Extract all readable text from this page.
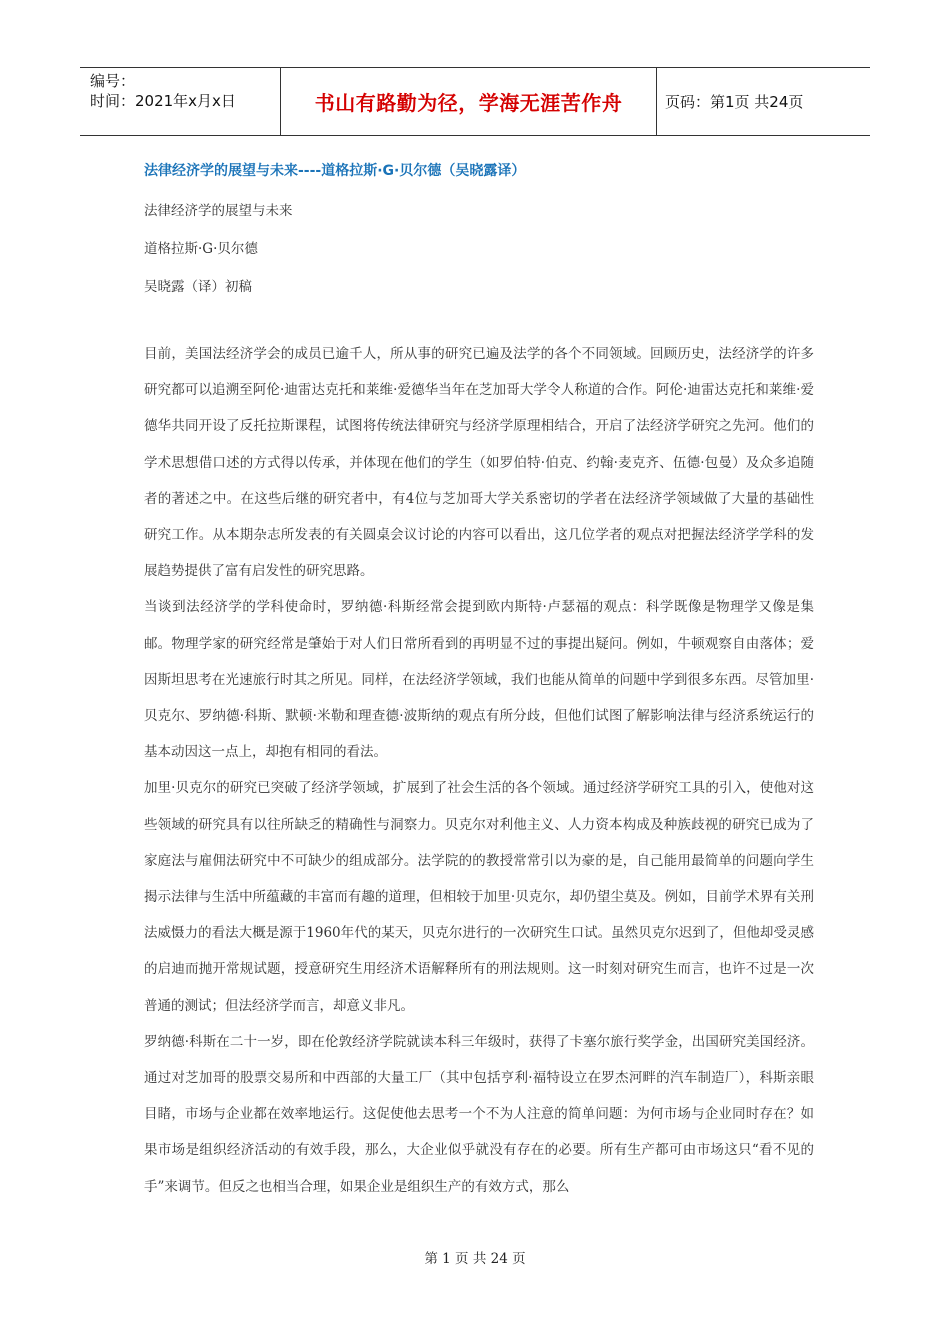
编号：
时间：2021年x月x日	书山有路勤为径，学海无涯苦作舟	页码：第1页 共24页
法律经济学的展望与未来----道格拉斯·G·贝尔德（吴晓露译）
法律经济学的展望与未来
道格拉斯·G·贝尔德
吴晓露（译）初稿

目前，美国法经济学会的成员已逾千人，所从事的研究已遍及法学的各个不同领域。回顾历史，法经济学的许多研究都可以追溯至阿伦·迪雷达克托和莱维·爱德华当年在芝加哥大学令人称道的合作。阿伦·迪雷达克托和莱维·爱德华共同开设了反托拉斯课程，试图将传统法律研究与经济学原理相结合，开启了法经济学研究之先河。他们的学术思想借口述的方式得以传承，并体现在他们的学生（如罗伯特·伯克、约翰·麦克齐、伍德·包曼）及众多追随者的著述之中。在这些后继的研究者中，有4位与芝加哥大学关系密切的学者在法经济学领域做了大量的基础性研究工作。从本期杂志所发表的有关圆桌会议讨论的内容可以看出，这几位学者的观点对把握法经济学学科的发展趋势提供了富有启发性的研究思路。

当谈到法经济学的学科使命时，罗纳德·科斯经常会提到欧内斯特·卢瑟福的观点：科学既像是物理学又像是集邮。物理学家的研究经常是肇始于对人们日常所看到的再明显不过的事提出疑问。例如，牛顿观察自由落体；爱因斯坦思考在光速旅行时其之所见。同样，在法经济学领域，我们也能从简单的问题中学到很多东西。尽管加里·贝克尔、罗纳德·科斯、默顿·米勒和理查德·波斯纳的观点有所分歧，但他们试图了解影响法律与经济系统运行的基本动因这一点上，却抱有相同的看法。

加里·贝克尔的研究已突破了经济学领域，扩展到了社会生活的各个领域。通过经济学研究工具的引入，使他对这些领域的研究具有以往所缺乏的精确性与洞察力。贝克尔对利他主义、人力资本构成及种族歧视的研究已成为了家庭法与雇佣法研究中不可缺少的组成部分。法学院的的教授常常引以为豪的是，自己能用最简单的问题向学生揭示法律与生活中所蕴藏的丰富而有趣的道理，但相较于加里·贝克尔，却仍望尘莫及。例如，目前学术界有关刑法威慑力的看法大概是源于1960年代的某天，贝克尔进行的一次研究生口试。虽然贝克尔迟到了，但他却受灵感的启迪而抛开常规试题，授意研究生用经济术语解释所有的刑法规则。这一时刻对研究生而言，也许不过是一次普通的测试；但法经济学而言，却意义非凡。

罗纳德·科斯在二十一岁，即在伦敦经济学院就读本科三年级时，获得了卡塞尔旅行奖学金，出国研究美国经济。通过对芝加哥的股票交易所和中西部的大量工厂（其中包括亨利·福特设立在罗杰河畔的汽车制造厂），科斯亲眼目睹，市场与企业都在效率地运行。这促使他去思考一个不为人注意的简单问题：为何市场与企业同时存在？如果市场是组织经济活动的有效手段，那么，大企业似乎就没有存在的必要。所有生产都可由市场这只“看不见的手”来调节。但反之也相当合理，如果企业是组织生产的有效方式，那么

第 1 页 共 24 页
